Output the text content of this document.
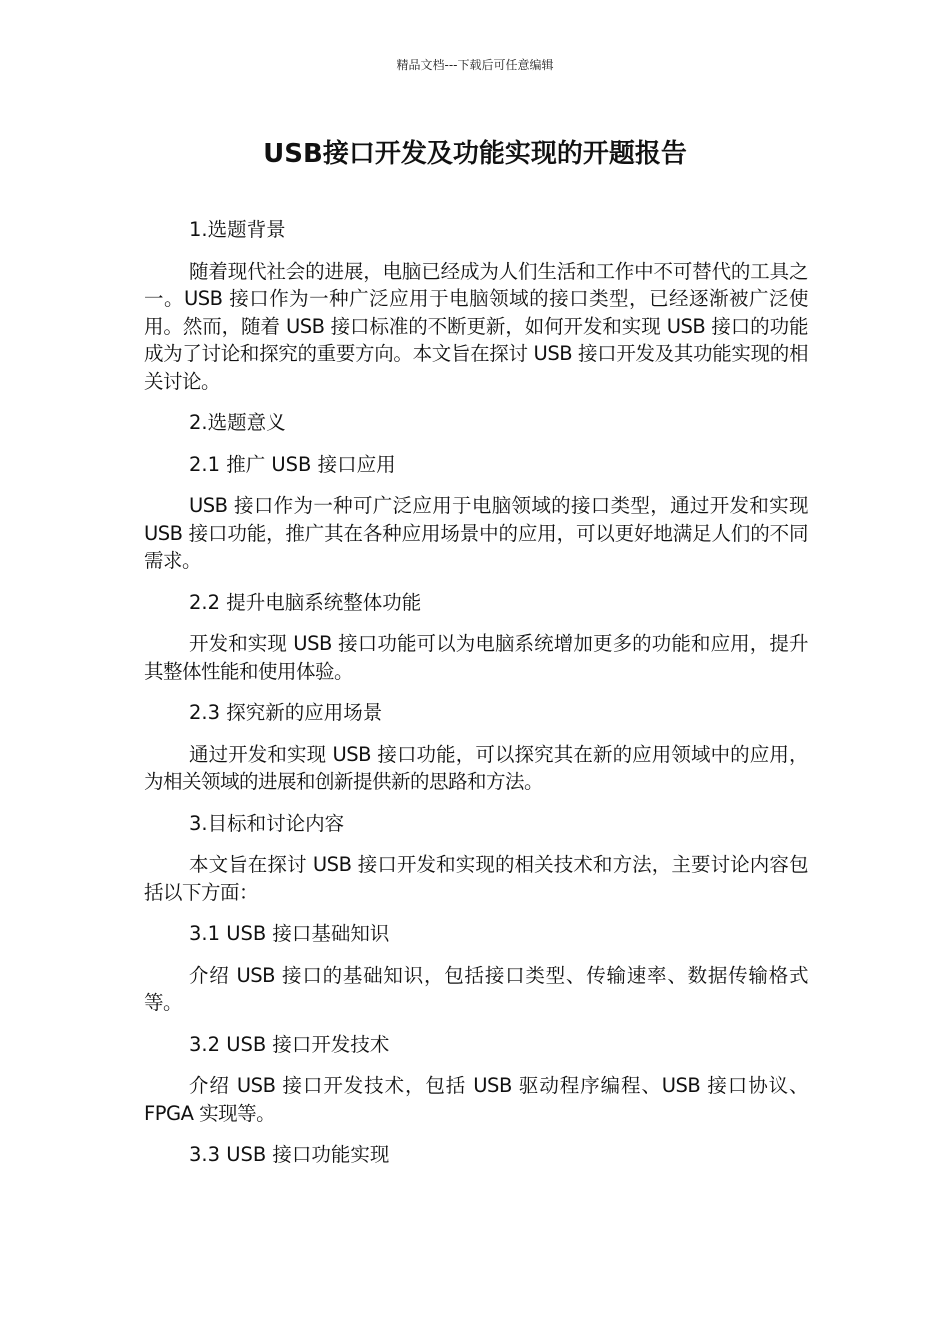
精品文档---下载后可任意编辑
USB接口开发及功能实现的开题报告

1.选题背景

随着现代社会的进展，电脑已经成为人们生活和工作中不可替代的工具之一。USB 接口作为一种广泛应用于电脑领域的接口类型，已经逐渐被广泛使用。然而，随着 USB 接口标准的不断更新，如何开发和实现 USB 接口的功能成为了讨论和探究的重要方向。本文旨在探讨 USB 接口开发及其功能实现的相关讨论。

2.选题意义

2.1 推广 USB 接口应用

USB 接口作为一种可广泛应用于电脑领域的接口类型，通过开发和实现 USB 接口功能，推广其在各种应用场景中的应用，可以更好地满足人们的不同需求。

2.2 提升电脑系统整体功能

开发和实现 USB 接口功能可以为电脑系统增加更多的功能和应用，提升其整体性能和使用体验。

2.3 探究新的应用场景

通过开发和实现 USB 接口功能，可以探究其在新的应用领域中的应用，为相关领域的进展和创新提供新的思路和方法。

3.目标和讨论内容

本文旨在探讨 USB 接口开发和实现的相关技术和方法，主要讨论内容包括以下方面：

3.1 USB 接口基础知识

介绍 USB 接口的基础知识，包括接口类型、传输速率、数据传输格式等。

3.2 USB 接口开发技术

介绍 USB 接口开发技术，包括 USB 驱动程序编程、USB 接口协议、FPGA 实现等。

3.3 USB 接口功能实现
